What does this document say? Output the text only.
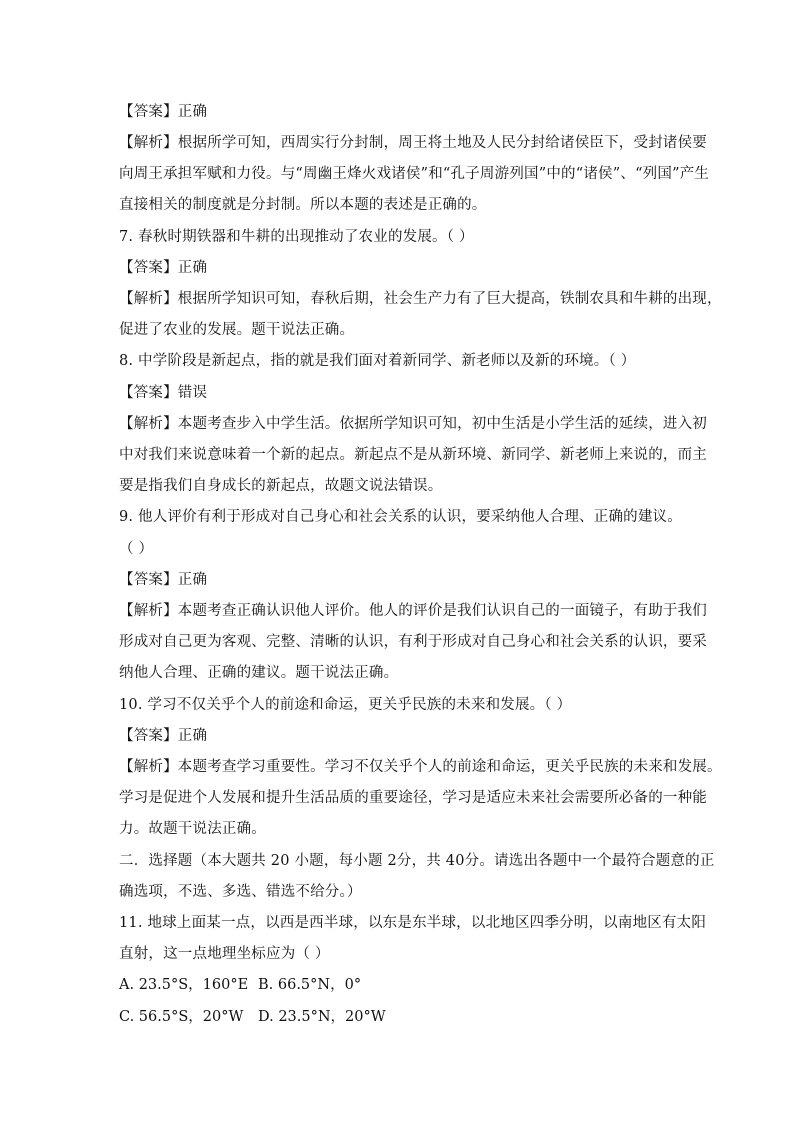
【答案】正确
【解析】根据所学可知，西周实行分封制，周王将土地及人民分封给诸侯臣下，受封诸侯要
向周王承担军赋和力役。与“周幽王烽火戏诸侯”和“孔子周游列国”中的“诸侯”、“列国”产生
直接相关的制度就是分封制。所以本题的表述是正确的。
7. 春秋时期铁器和牛耕的出现推动了农业的发展。（ ）
【答案】正确
【解析】根据所学知识可知，春秋后期，社会生产力有了巨大提高，铁制农具和牛耕的出现，
促进了农业的发展。题干说法正确。
8. 中学阶段是新起点，指的就是我们面对着新同学、新老师以及新的环境。（ ）
【答案】错误
【解析】本题考查步入中学生活。依据所学知识可知，初中生活是小学生活的延续，进入初
中对我们来说意味着一个新的起点。新起点不是从新环境、新同学、新老师上来说的，而主
要是指我们自身成长的新起点，故题文说法错误。
9. 他人评价有利于形成对自己身心和社会关系的认识，要采纳他人合理、正确的建议。
（ ）
【答案】正确
【解析】本题考查正确认识他人评价。他人的评价是我们认识自己的一面镜子，有助于我们
形成对自己更为客观、完整、清晰的认识，有利于形成对自己身心和社会关系的认识，要采
纳他人合理、正确的建议。题干说法正确。
10. 学习不仅关乎个人的前途和命运，更关乎民族的未来和发展。（ ）
【答案】正确
【解析】本题考查学习重要性。学习不仅关乎个人的前途和命运，更关乎民族的未来和发展。
学习是促进个人发展和提升生活品质的重要途径，学习是适应未来社会需要所必备的一种能
力。故题干说法正确。
二．选择题（本大题共 20 小题，每小题 2分，共 40分。请选出各题中一个最符合题意的正
确选项，不选、多选、错选不给分。）
11. 地球上面某一点，以西是西半球，以东是东半球，以北地区四季分明，以南地区有太阳
直射，这一点地理坐标应为（ ）
A. 23.5°S，160°E B. 66.5°N，0°
C. 56.5°S，20°W D. 23.5°N，20°W
